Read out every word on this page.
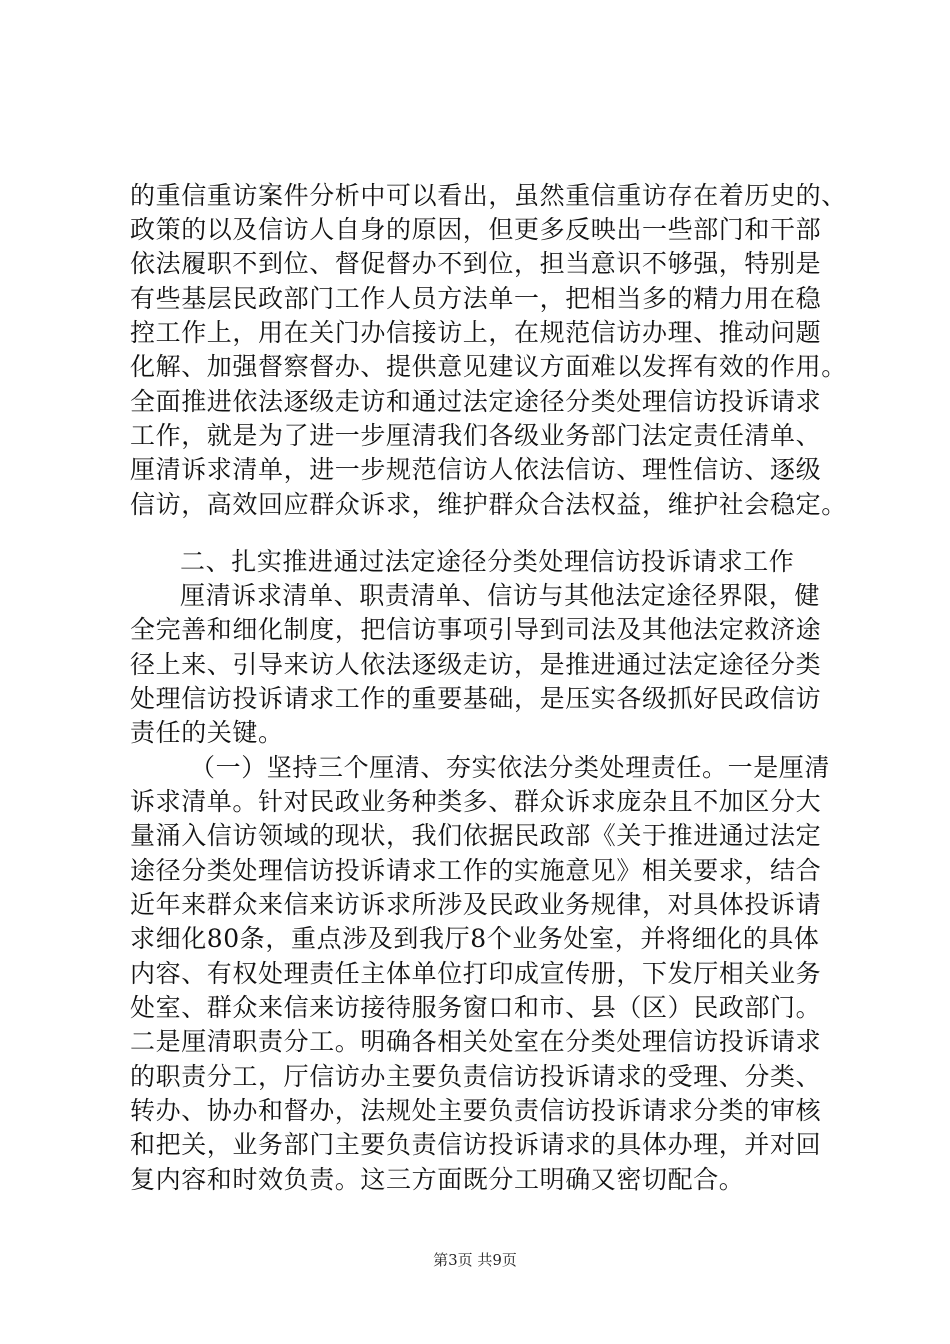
的重信重访案件分析中可以看出，虽然重信重访存在着历史的、
政策的以及信访人自身的原因，但更多反映出一些部门和干部
依法履职不到位、督促督办不到位，担当意识不够强，特别是
有些基层民政部门工作人员方法单一，把相当多的精力用在稳
控工作上，用在关门办信接访上，在规范信访办理、推动问题
化解、加强督察督办、提供意见建议方面难以发挥有效的作用。
全面推进依法逐级走访和通过法定途径分类处理信访投诉请求
工作，就是为了进一步厘清我们各级业务部门法定责任清单、
厘清诉求清单，进一步规范信访人依法信访、理性信访、逐级
信访，高效回应群众诉求，维护群众合法权益，维护社会稳定。
二、扎实推进通过法定途径分类处理信访投诉请求工作
厘清诉求清单、职责清单、信访与其他法定途径界限，健
全完善和细化制度，把信访事项引导到司法及其他法定救济途
径上来、引导来访人依法逐级走访，是推进通过法定途径分类
处理信访投诉请求工作的重要基础，是压实各级抓好民政信访
责任的关键。
（一）坚持三个厘清、夯实依法分类处理责任。一是厘清
诉求清单。针对民政业务种类多、群众诉求庞杂且不加区分大
量涌入信访领域的现状，我们依据民政部《关于推进通过法定
途径分类处理信访投诉请求工作的实施意见》相关要求，结合
近年来群众来信来访诉求所涉及民政业务规律，对具体投诉请
求细化80条，重点涉及到我厅8个业务处室，并将细化的具体
内容、有权处理责任主体单位打印成宣传册，下发厅相关业务
处室、群众来信来访接待服务窗口和市、县（区）民政部门。
二是厘清职责分工。明确各相关处室在分类处理信访投诉请求
的职责分工，厅信访办主要负责信访投诉请求的受理、分类、
转办、协办和督办，法规处主要负责信访投诉请求分类的审核
和把关，业务部门主要负责信访投诉请求的具体办理，并对回
复内容和时效负责。这三方面既分工明确又密切配合。
第3页 共9页
